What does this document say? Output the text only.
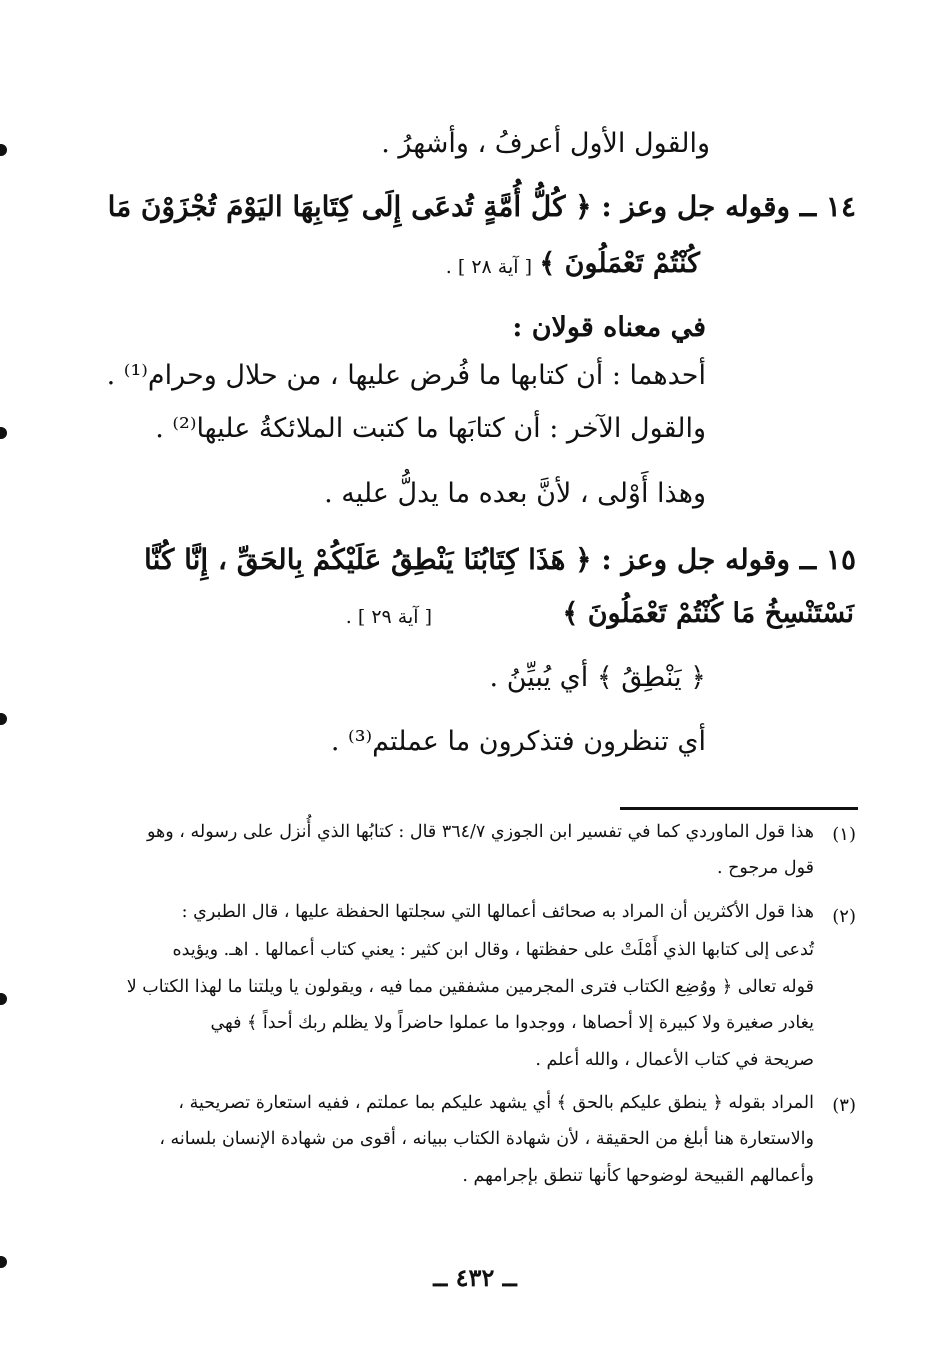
والقول الأول أعرفُ ، وأشهرُ .
١٤ ــ وقوله جل وعز : ﴿ كُلُّ أُمَّةٍ تُدعَى إِلَى كِتَابِهَا اليَوْمَ تُجْزَوْنَ مَا
كُنْتُمْ تَعْمَلُونَ ﴾
[ آية ٢٨ ] .
في معناه قولان :
أحدهما : أن كتابها ما فُرض عليها ، من حلال وحرام⁽¹⁾ .
والقول الآخر : أن كتابَها ما كتبت الملائكةُ عليها⁽²⁾ .
وهذا أَوْلى ، لأنَّ بعده ما يدلُّ عليه .
١٥ ــ وقوله جل وعز : ﴿ هَذَا كِتَابُنَا يَنْطِقُ عَلَيْكُمْ بِالحَقِّ ، إِنَّا كُنَّا
نَسْتَنْسِخُ مَا كُنْتُمْ تَعْمَلُونَ ﴾
[ آية ٢٩ ] .
﴿ يَنْطِقُ ﴾ أي يُبيِّنُ .
أي تنظرون فتذكرون ما عملتم⁽³⁾ .
(١)
(٢)
(٣)
هذا قول الماوردي كما في تفسير ابن الجوزي ٣٦٤/٧ قال : كتابُها الذي أُنزل على رسوله ، وهو
قول مرجوح .
هذا قول الأكثرين أن المراد به صحائف أعمالها التي سجلتها الحفظة عليها ، قال الطبري :
تُدعى إلى كتابها الذي أَمْلَتْ على حفظتها ، وقال ابن كثير : يعني كتاب أعمالها . اهـ. ويؤيده
قوله تعالى ﴿ ووُضِع الكتاب فترى المجرمين مشفقين مما فيه ، ويقولون يا ويلتنا ما لهذا الكتاب لا
يغادر صغيرة ولا كبيرة إلا أحصاها ، ووجدوا ما عملوا حاضراً ولا يظلم ربك أحداً ﴾ فهي
صريحة في كتاب الأعمال ، والله أعلم .
المراد بقوله ﴿ ينطق عليكم بالحق ﴾ أي يشهد عليكم بما عملتم ، ففيه استعارة تصريحية ،
والاستعارة هنا أبلغ من الحقيقة ، لأن شهادة الكتاب ببيانه ، أقوى من شهادة الإنسان بلسانه ،
وأعمالهم القبيحة لوضوحها كأنها تنطق بإجرامهم .
ــ ٤٣٢ ــ
